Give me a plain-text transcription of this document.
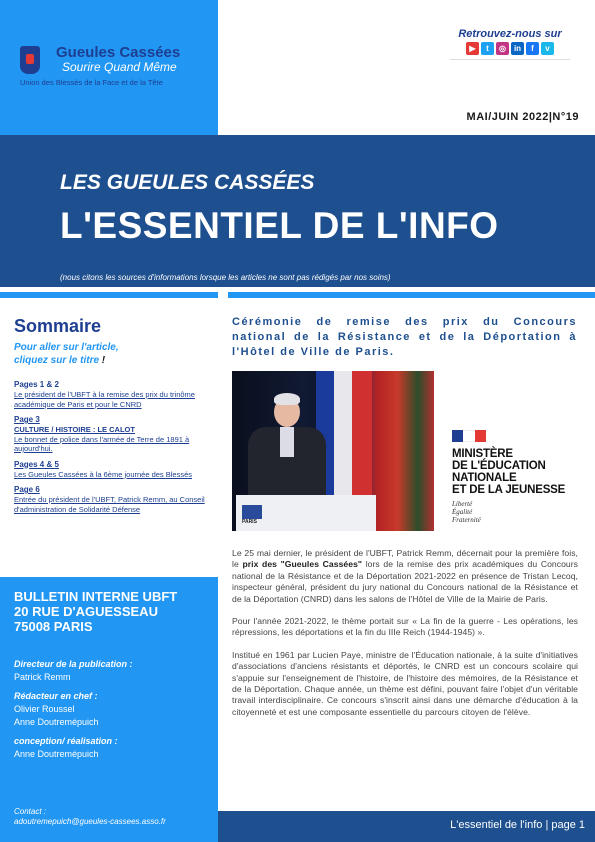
Gueules Cassées
Sourire Quand Même
Union des Blessés de la Face et de la Tête
Retrouvez-nous sur
▶	t	◎ in	f	v
MAI/JUIN 2022|N°19
LES GUEULES CASSÉES
L'ESSENTIEL DE L'INFO
(nous citons les sources d'informations lorsque les articles ne sont pas rédigés par nos soins)
Sommaire
Pour aller sur l'article,
cliquez sur le titre !
Pages 1 & 2
Le président de l'UBFT à la remise des prix du trinôme académique de Paris et pour le CNRD
Page 3
CULTURE / HISTOIRE : LE CALOT
Le bonnet de police dans l'armée de Terre de 1891 à aujourd'hui.
Pages 4 & 5
Les Gueules Cassées à la 6ème journée des Blessés
Page 6
Entrée du président de l'UBFT, Patrick Remm, au Conseil d'administration de Solidarité Défense
BULLETIN INTERNE UBFT
20 RUE D'AGUESSEAU
75008 PARIS
Directeur de la publication :
Patrick Remm
Rédacteur en chef :
Olivier Roussel
Anne Doutremépuich
conception/ réalisation :
Anne Doutremépuich
Contact :
adoutremepuich@gueules-cassees.asso.fr
Cérémonie de remise des prix du Concours national de la Résistance et de la Déportation à l'Hôtel de Ville de Paris.
PARIS
MINISTÈRE
DE L'ÉDUCATION
NATIONALE
ET DE LA JEUNESSE
Liberté
Égalité
Fraternité

Le 25 mai dernier, le président de l'UBFT, Patrick Remm, décernait pour la première fois, le prix des "Gueules Cassées" lors de la remise des prix académiques du Concours national de la Résistance et de la Déportation 2021-2022 en présence de Tristan Lecoq, inspecteur général, président du jury national du Concours national de la Résistance et de la Déportation (CNRD) dans les salons de l'Hôtel de Ville de la Mairie de Paris.

Pour l'année 2021-2022, le thème portait sur « La fin de la guerre - Les opérations, les répressions, les déportations et la fin du IIIe Reich (1944-1945) ».

Institué en 1961 par Lucien Paye, ministre de l'Éducation nationale, à la suite d'initiatives d'associations d'anciens résistants et déportés, le CNRD est un concours scolaire qui s'appuie sur l'enseignement de l'histoire, de l'histoire des mémoires, de la Résistance et de la Déportation. Chaque année, un thème est défini, pouvant faire l'objet d'un véritable travail interdisciplinaire. Ce concours s'inscrit ainsi dans une démarche d'éducation à la citoyenneté et est une composante essentielle du parcours citoyen de l'élève.

L'essentiel de l'info | page 1
